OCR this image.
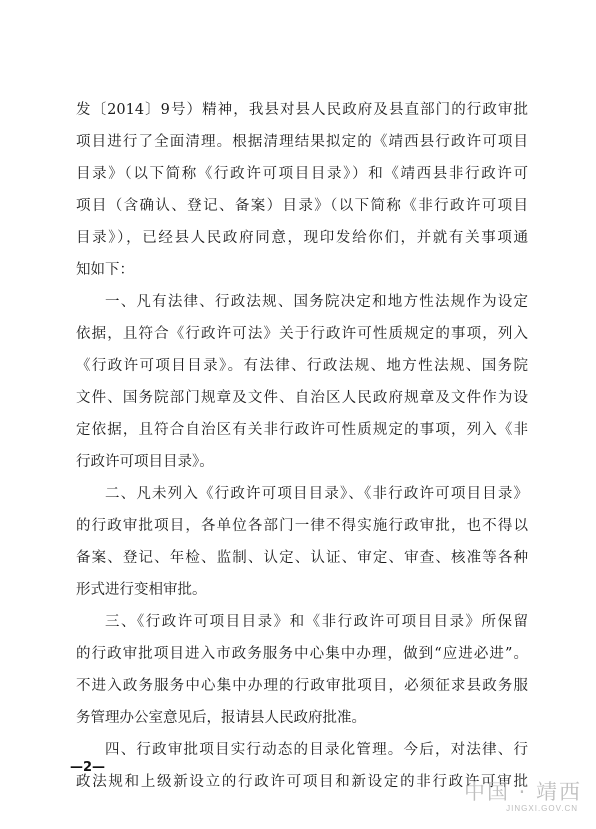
发〔2014〕9号）精神，我县对县人民政府及县直部门的行政审批
项目进行了全面清理。根据清理结果拟定的《靖西县行政许可项目
目录》（以下简称《行政许可项目目录》）和《靖西县非行政许可
项目（含确认、登记、备案）目录》（以下简称《非行政许可项目
目录》），已经县人民政府同意，现印发给你们，并就有关事项通
知如下：
一、凡有法律、行政法规、国务院决定和地方性法规作为设定
依据，且符合《行政许可法》关于行政许可性质规定的事项，列入
《行政许可项目目录》。有法律、行政法规、地方性法规、国务院
文件、国务院部门规章及文件、自治区人民政府规章及文件作为设
定依据，且符合自治区有关非行政许可性质规定的事项，列入《非
行政许可项目目录》。
二、凡未列入《行政许可项目目录》、《非行政许可项目目录》
的行政审批项目，各单位各部门一律不得实施行政审批，也不得以
备案、登记、年检、监制、认定、认证、审定、审查、核准等各种
形式进行变相审批。
三、《行政许可项目目录》和《非行政许可项目目录》所保留
的行政审批项目进入市政务服务中心集中办理，做到“应进必进”。
不进入政务服务中心集中办理的行政审批项目，必须征求县政务服
务管理办公室意见后，报请县人民政府批准。
四、行政审批项目实行动态的目录化管理。今后，对法律、行
政法规和上级新设立的行政许可项目和新设定的非行政许可审批
—2—
中国 · 靖西
JINGXI.GOV.CN
